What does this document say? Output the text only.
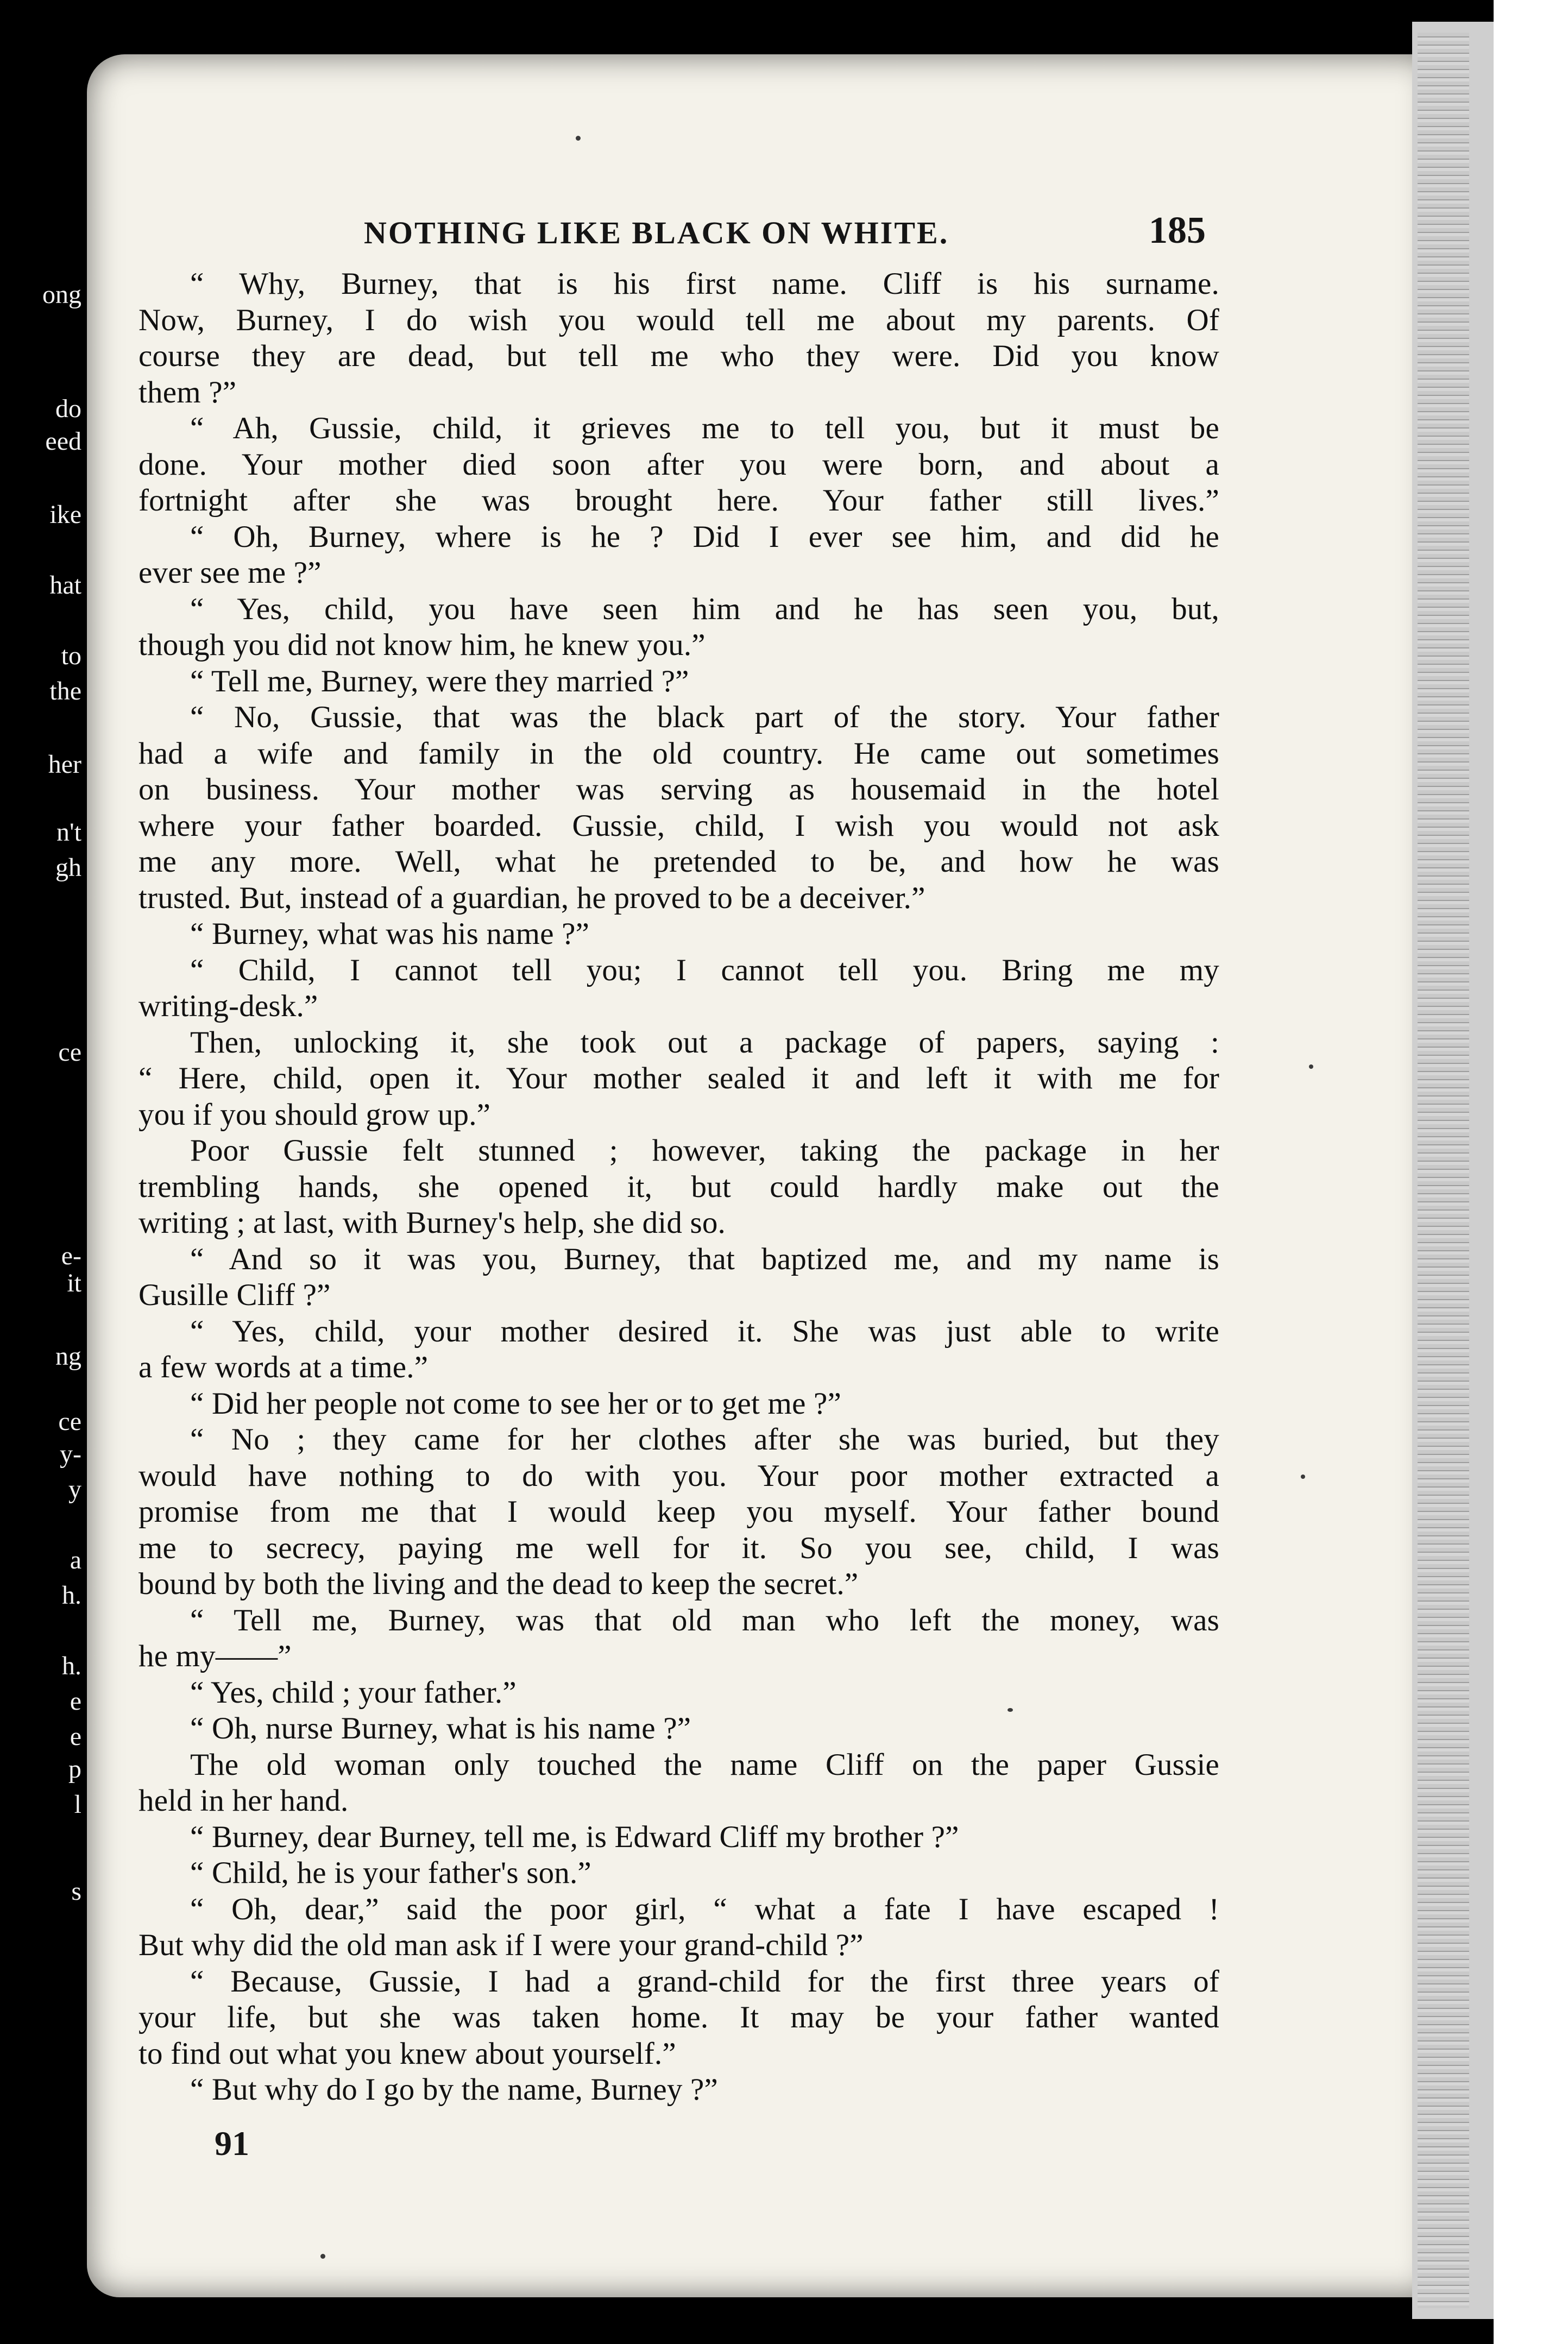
ong
do
eed
ike
hat
to
the
her
n't
gh
ce
e-
it
ng
ce
y-
y
a
h.
h.
e
e
p
l
s
NOTHING LIKE BLACK ON WHITE.	185
“ Why, Burney, that is his first name. Cliff is his surname.
Now, Burney, I do wish you would tell me about my parents. Of
course they are dead, but tell me who they were. Did you know
them ?”
“ Ah, Gussie, child, it grieves me to tell you, but it must be
done. Your mother died soon after you were born, and about a
fortnight after she was brought here. Your father still lives.”
“ Oh, Burney, where is he ? Did I ever see him, and did he
ever see me ?”
“ Yes, child, you have seen him and he has seen you, but,
though you did not know him, he knew you.”
“ Tell me, Burney, were they married ?”
“ No, Gussie, that was the black part of the story. Your father
had a wife and family in the old country. He came out sometimes
on business. Your mother was serving as housemaid in the hotel
where your father boarded. Gussie, child, I wish you would not ask
me any more. Well, what he pretended to be, and how he was
trusted. But, instead of a guardian, he proved to be a deceiver.”
“ Burney, what was his name ?”
“ Child, I cannot tell you; I cannot tell you. Bring me my
writing-desk.”
Then, unlocking it, she took out a package of papers, saying :
“ Here, child, open it. Your mother sealed it and left it with me for
you if you should grow up.”
Poor Gussie felt stunned ; however, taking the package in her
trembling hands, she opened it, but could hardly make out the
writing ; at last, with Burney's help, she did so.
“ And so it was you, Burney, that baptized me, and my name is
Gusille Cliff ?”
“ Yes, child, your mother desired it. She was just able to write
a few words at a time.”
“ Did her people not come to see her or to get me ?”
“ No ; they came for her clothes after she was buried, but they
would have nothing to do with you. Your poor mother extracted a
promise from me that I would keep you myself. Your father bound
me to secrecy, paying me well for it. So you see, child, I was
bound by both the living and the dead to keep the secret.”
“ Tell me, Burney, was that old man who left the money, was
he my——”
“ Yes, child ; your father.”
“ Oh, nurse Burney, what is his name ?”
The old woman only touched the name Cliff on the paper Gussie
held in her hand.
“ Burney, dear Burney, tell me, is Edward Cliff my brother ?”
“ Child, he is your father's son.”
“ Oh, dear,” said the poor girl, “ what a fate I have escaped !
But why did the old man ask if I were your grand-child ?”
“ Because, Gussie, I had a grand-child for the first three years of
your life, but she was taken home. It may be your father wanted
to find out what you knew about yourself.”
“ But why do I go by the name, Burney ?”
91
